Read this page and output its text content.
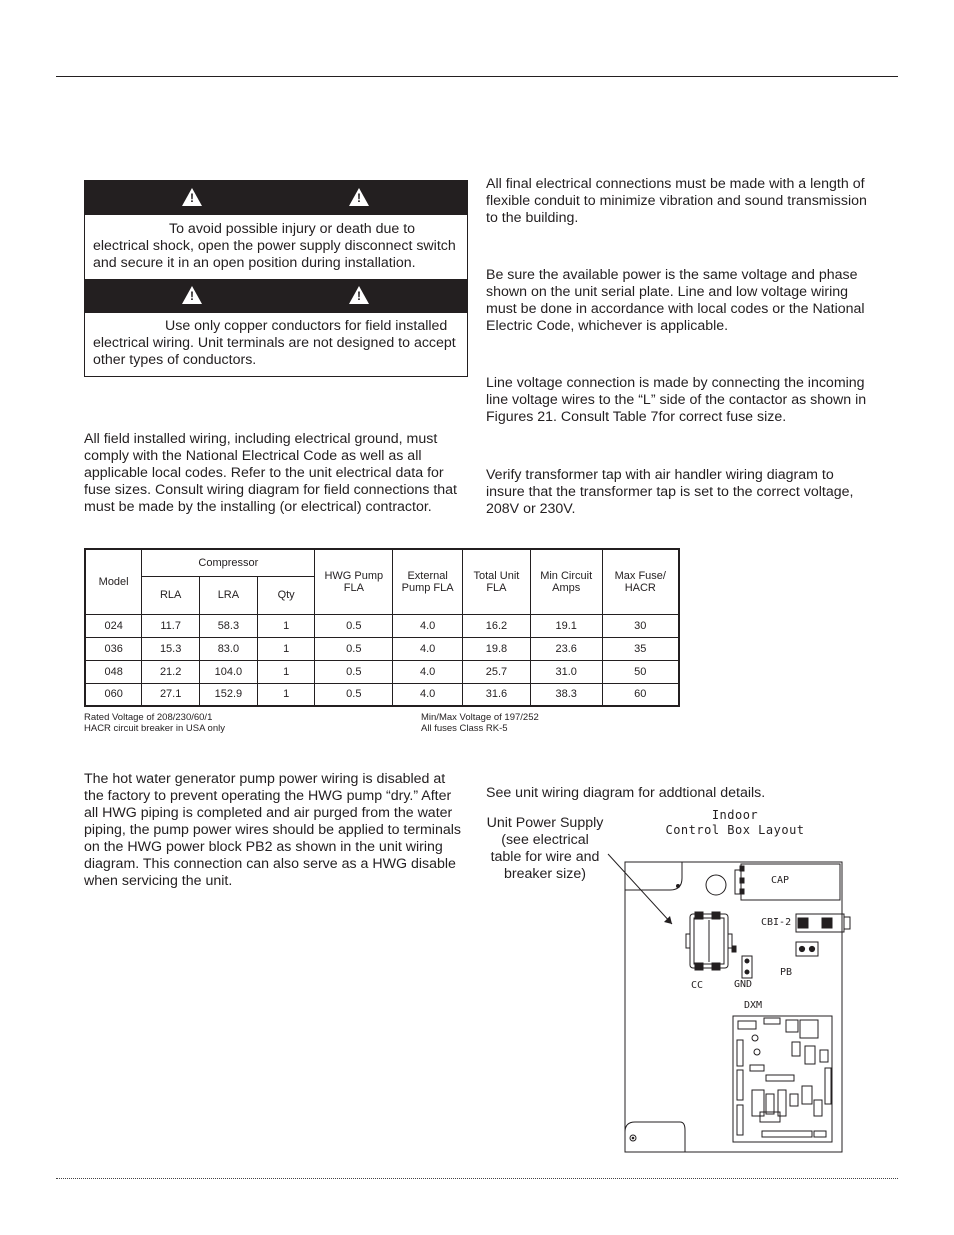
!	!
To avoid possible injury or death due to electrical shock, open the power supply disconnect switch and secure it in an open position during installation.
!	!
Use only copper conductors for field installed electrical wiring. Unit terminals are not designed to accept other types of conductors.

All field installed wiring, including electrical ground, must comply with the National Electrical Code as well as all applicable local codes. Refer to the unit electrical data for fuse sizes. Consult wiring diagram for field connections that must be made by the installing (or electrical) contractor.

All final electrical connections must be made with a length of flexible conduit to minimize vibration and sound transmission to the building.

Be sure the available power is the same voltage and phase shown on the unit serial plate. Line and low voltage wiring must be done in accordance with local codes or the National Electric Code, whichever is applicable.

Line voltage connection is made by connecting the incoming line voltage wires to the “L” side of the contactor as shown in Figures 21. Consult Table 7for correct fuse size.

Verify transformer tap with air handler wiring diagram to insure that the transformer tap is set to the correct voltage, 208V or 230V.

Model	Compressor			HWG Pump FLA	External Pump FLA	Total Unit FLA	Min Circuit Amps	Max Fuse/ HACR
	RLA	LRA	Qty					
024	11.7	58.3	1	0.5	4.0	16.2	19.1	30
036	15.3	83.0	1	0.5	4.0	19.8	23.6	35
048	21.2	104.0	1	0.5	4.0	25.7	31.0	50
060	27.1	152.9	1	0.5	4.0	31.6	38.3	60
Rated Voltage of 208/230/60/1
HACR circuit breaker in USA only
Min/Max Voltage of 197/252
All fuses Class RK-5

The hot water generator pump power wiring is disabled at the factory to prevent operating the HWG pump “dry.” After all HWG piping is completed and air purged from the water piping, the pump power wires should be applied to terminals on the HWG power block PB2 as shown in the unit wiring diagram. This connection can also serve as a HWG disable when servicing the unit.

See unit wiring diagram for addtional details.

Indoor
Control Box Layout
Unit Power Supply (see electrical table for wire and breaker size)	CAP
CBI-2
PB
GND
CC
DXM
